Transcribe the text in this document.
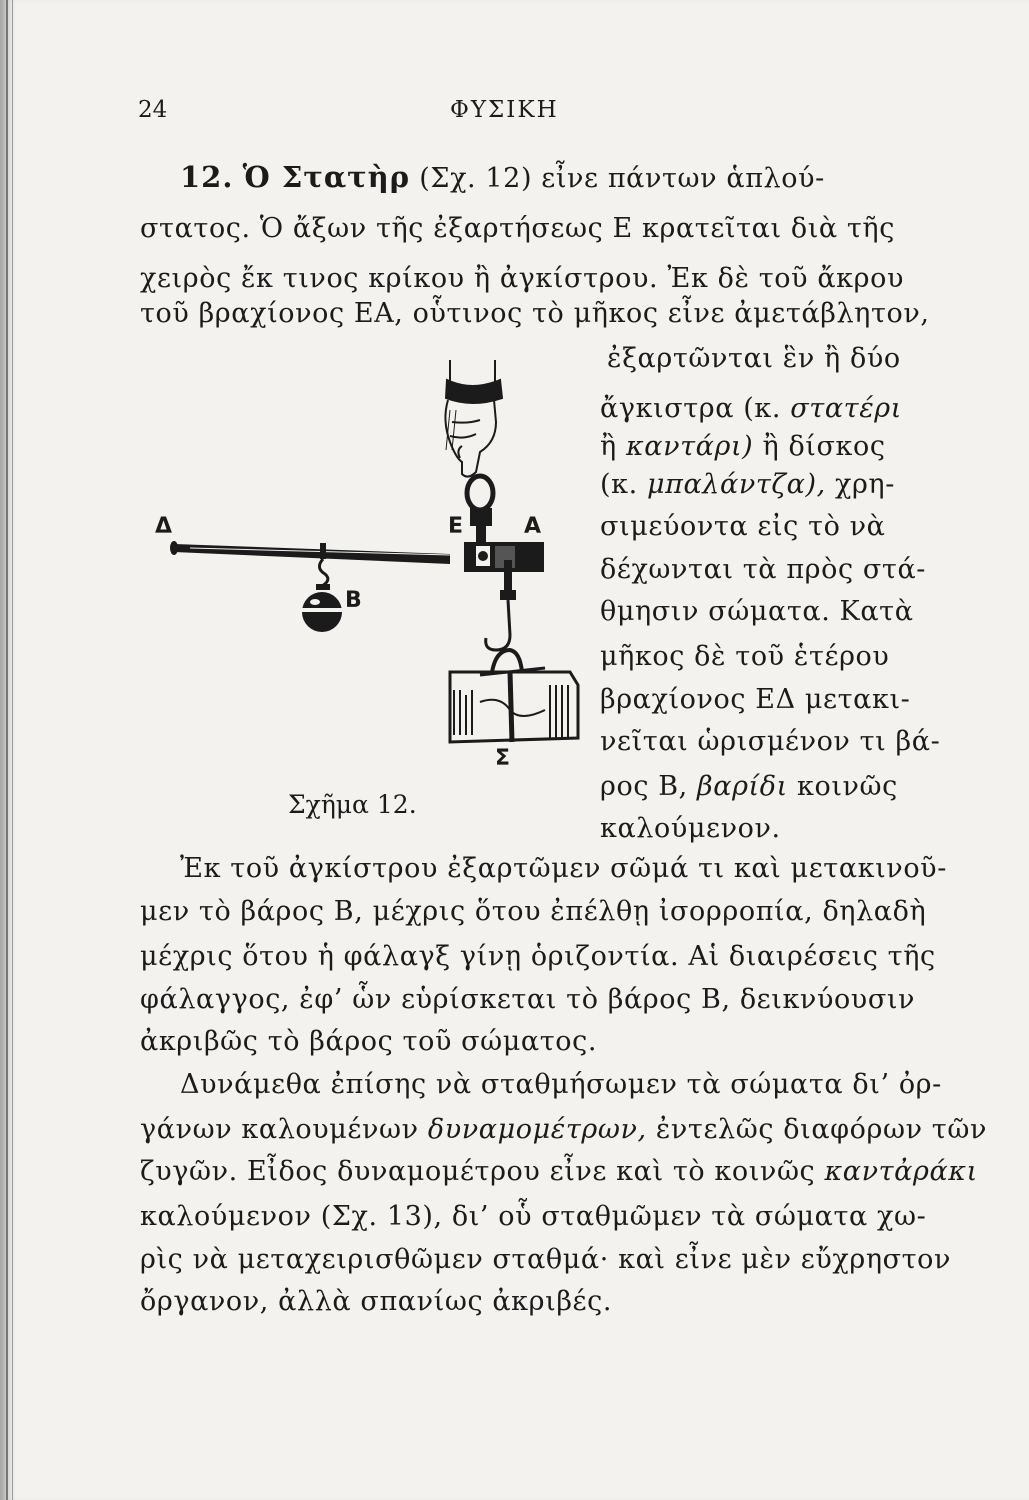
24	ΦΥΣΙΚΗ
12. Ὁ Στατὴρ (Σχ. 12) εἶνε πάντων ἁπλού-
στατος. Ὁ ἄξων τῆς ἐξαρτήσεως Ε κρατεῖται διὰ τῆς
χειρὸς ἔκ τινος κρίκου ἢ ἀγκίστρου. Ἐκ δὲ τοῦ ἄκρου
τοῦ βραχίονος ΕΑ, οὗτινος τὸ μῆκος εἶνε ἀμετάβλητον,
ἐξαρτῶνται ἓν ἢ δύο
ἄγκιστρα (κ. στατέρι
ἢ καντάρι) ἢ δίσκος
(κ. μπαλάντζα), χρη-
σιμεύοντα εἰς τὸ νὰ
δέχωνται τὰ πρὸς στά-
θμησιν σώματα. Κατὰ
μῆκος δὲ τοῦ ἑτέρου
βραχίονος ΕΔ μετακι-
νεῖται ὡρισμένον τι βά-
ρος Β, βαρίδι κοινῶς
καλούμενον.
Δ	Ε	Α
Β
Σ
Σχῆμα 12.
Ἐκ τοῦ ἀγκίστρου ἐξαρτῶμεν σῶμά τι καὶ μετακινοῦ-
μεν τὸ βάρος Β, μέχρις ὅτου ἐπέλθῃ ἰσορροπία, δηλαδὴ
μέχρις ὅτου ἡ φάλαγξ γίνῃ ὁριζοντία. Αἱ διαιρέσεις τῆς
φάλαγγος, ἐφ’ ὧν εὑρίσκεται τὸ βάρος Β, δεικνύουσιν
ἀκριβῶς τὸ βάρος τοῦ σώματος.
Δυνάμεθα ἐπίσης νὰ σταθμήσωμεν τὰ σώματα δι’ ὀρ-
γάνων καλουμένων δυναμομέτρων, ἐντελῶς διαφόρων τῶν
ζυγῶν. Εἶδος δυναμομέτρου εἶνε καὶ τὸ κοινῶς καντἀράκι
καλούμενον (Σχ. 13), δι’ οὗ σταθμῶμεν τὰ σώματα χω-
ρὶς νὰ μεταχειρισθῶμεν σταθμά· καὶ εἶνε μὲν εὔχρηστον
ὄργανον, ἀλλὰ σπανίως ἀκριβές.
